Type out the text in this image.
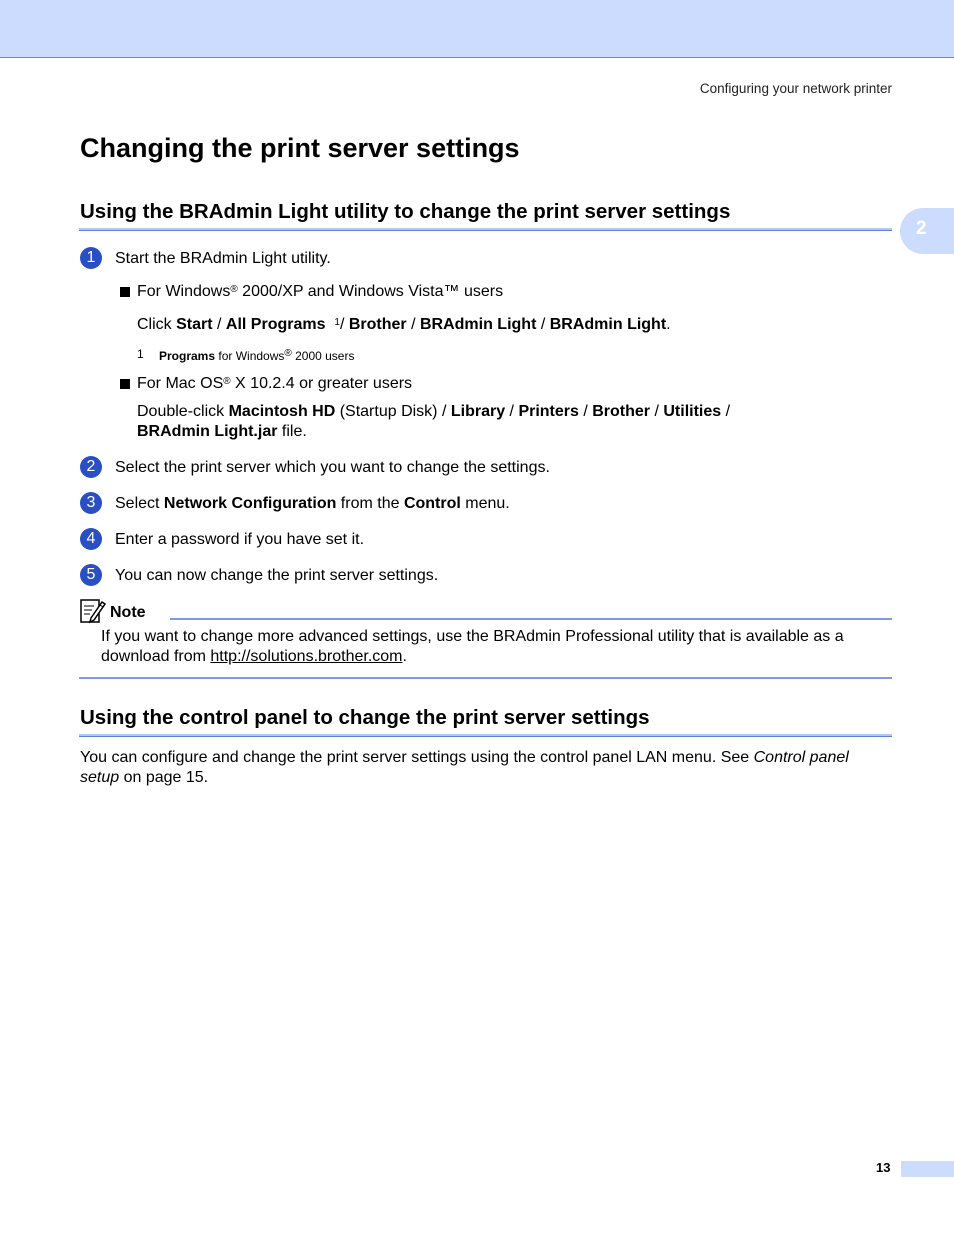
Configuring your network printer
2
Changing the print server settings
Using the BRAdmin Light utility to change the print server settings
1	Start the BRAdmin Light utility.
For Windows® 2000/XP and Windows Vista™ users
Click Start / All Programs $^1$/ Brother / BRAdmin Light / BRAdmin Light.
1 Programs for Windows® 2000 users
For Mac OS® X 10.2.4 or greater users
Double-click Macintosh HD (Startup Disk) / Library / Printers / Brother / Utilities /
BRAdmin Light.jar file.
2	Select the print server which you want to change the settings.
3	Select Network Configuration from the Control menu.
4	Enter a password if you have set it.
5	You can now change the print server settings.
Note
If you want to change more advanced settings, use the BRAdmin Professional utility that is available as a
download from http://solutions.brother.com.
Using the control panel to change the print server settings
You can configure and change the print server settings using the control panel LAN menu. See Control panel
setup on page 15.
13
